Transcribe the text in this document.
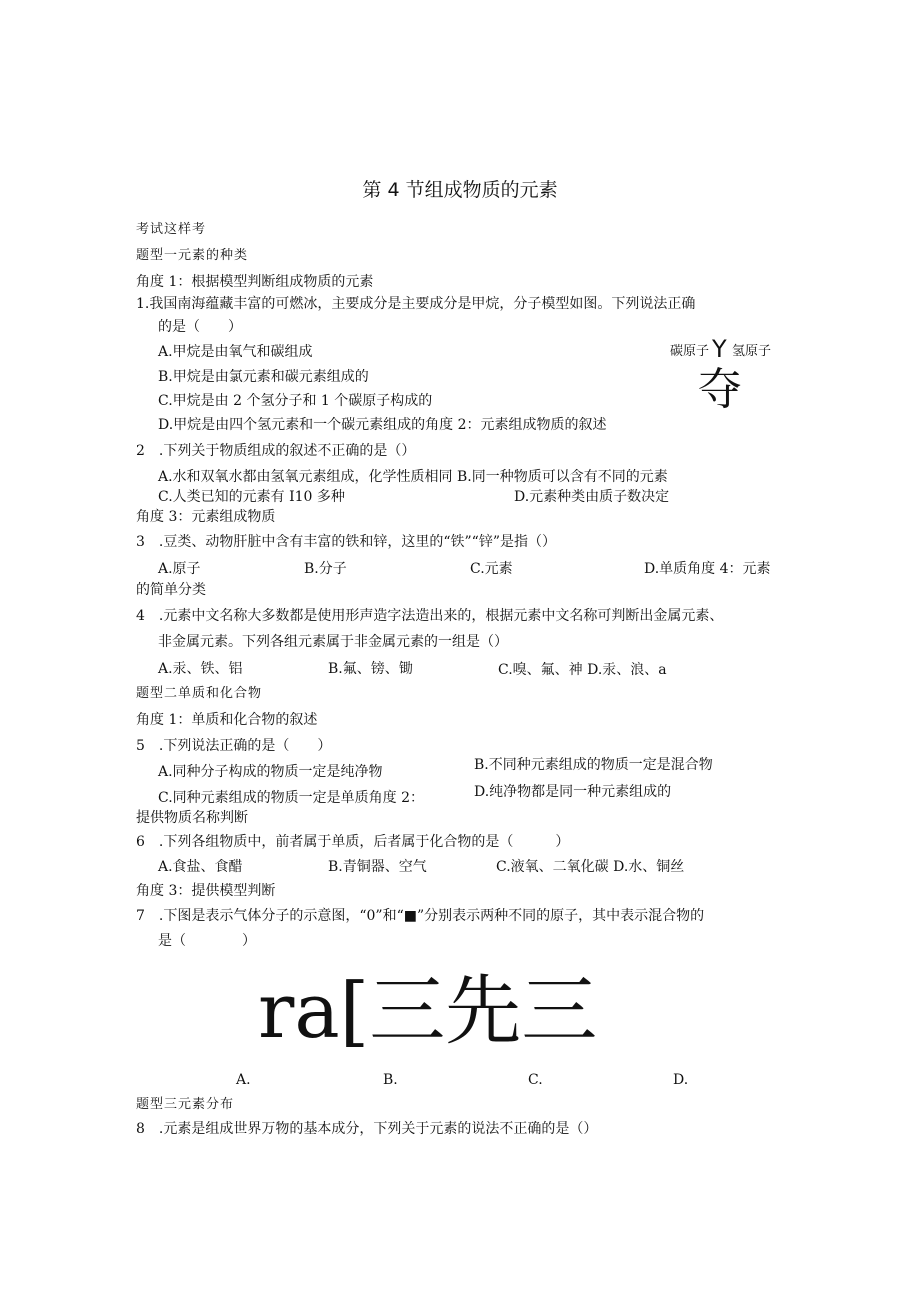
第 4 节组成物质的元素
考试这样考
题型一元素的种类
角度 1：根据模型判断组成物质的元素
1.我国南海蕴藏丰富的可燃冰，主要成分是主要成分是甲烷，分子模型如图。下列说法正确
的是（　　）
A.甲烷是由氧气和碳组成
B.甲烷是由氯元素和碳元素组成的
C.甲烷是由 2 个氢分子和 1 个碳原子构成的
D.甲烷是由四个氢元素和一个碳元素组成的角度 2：元素组成物质的叙述
碳原子 Y 氢原子
夺
2　.下列关于物质组成的叙述不正确的是（）
A.水和双氧水都由氢氧元素组成，化学性质相同 B.同一种物质可以含有不同的元素
C.人类已知的元素有 I10 多种	D.元素种类由质子数决定
角度 3：元素组成物质
3　.豆类、动物肝脏中含有丰富的铁和锌，这里的“铁”“锌”是指（）
A.原子	B.分子	C.元素	D.单质角度 4：元素
的简单分类
4　.元素中文名称大多数都是使用形声造字法造出来的，根据元素中文名称可判断出金属元素、
非金属元素。下列各组元素属于非金属元素的一组是（）
A.汞、铁、铝	B.氟、镑、锄	C.嗅、氟、神 D.汞、浪、a
题型二单质和化合物
角度 1：单质和化合物的叙述
5　.下列说法正确的是（　　）
A.同种分子构成的物质一定是纯净物	B.不同种元素组成的物质一定是混合物
C.同种元素组成的物质一定是单质角度 2：	D.纯净物都是同一种元素组成的
提供物质名称判断
6　.下列各组物质中，前者属于单质，后者属于化合物的是（　　　）
A.食盐、食醋	B.青铜器、空气	C.液氧、二氧化碳 D.水、铜丝
角度 3：提供模型判断
7　.下图是表示气体分子的示意图，“0”和“■”分别表示两种不同的原子，其中表示混合物的
是（　　　　）
ra[三先三
A.	B.	C.	D.
题型三元素分布
8　.元素是组成世界万物的基本成分，下列关于元素的说法不正确的是（）
